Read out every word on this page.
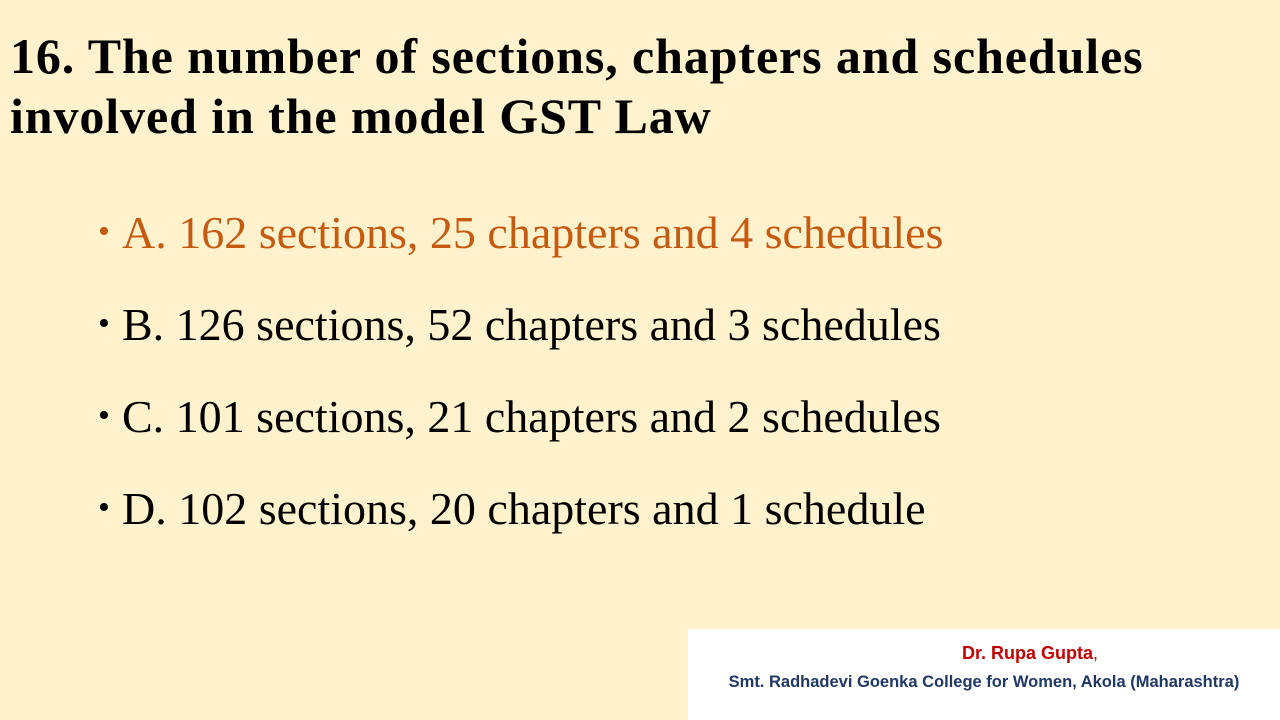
16. The number of sections, chapters and schedules involved in the model GST Law
• A. 162 sections, 25 chapters and 4 schedules
• B. 126 sections, 52 chapters and 3 schedules
• C. 101 sections, 21 chapters and 2 schedules
• D. 102 sections, 20 chapters and 1 schedule
Dr. Rupa Gupta,
Smt. Radhadevi Goenka College for Women, Akola (Maharashtra)
